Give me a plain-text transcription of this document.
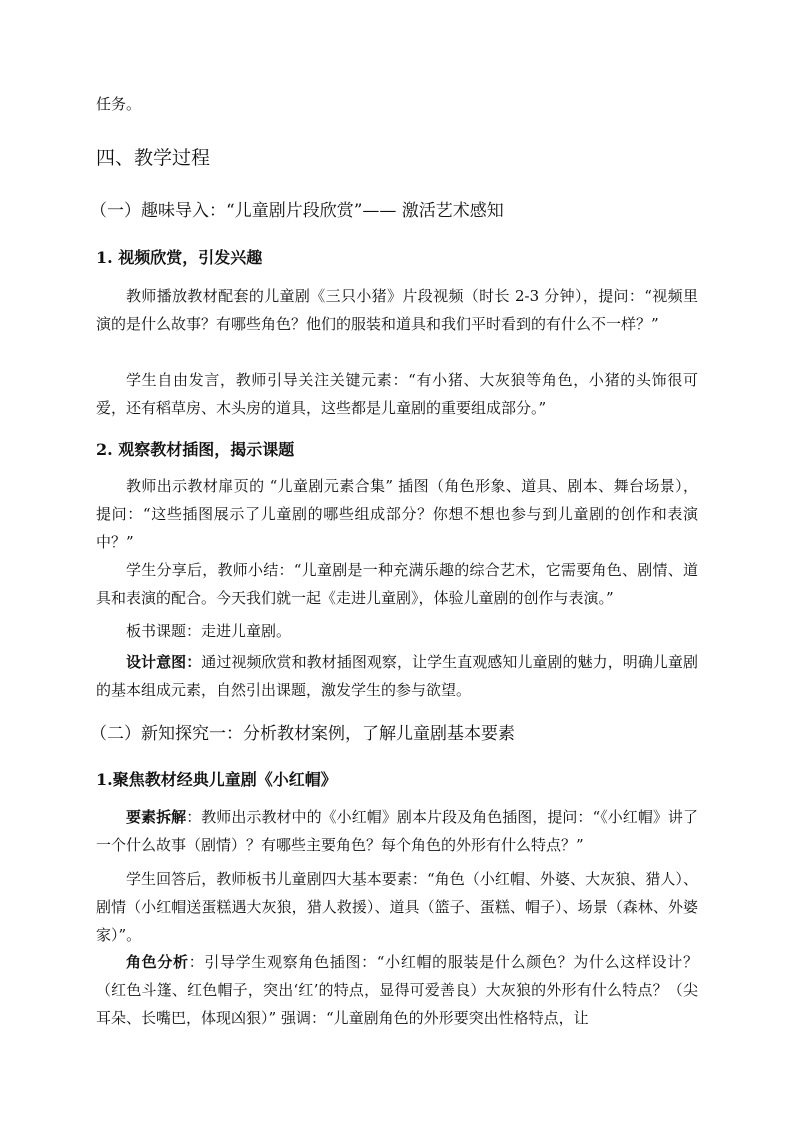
任务。
四、教学过程
（一）趣味导入：“儿童剧片段欣赏”—— 激活艺术感知
1. 视频欣赏，引发兴趣
教师播放教材配套的儿童剧《三只小猪》片段视频（时长 2-3 分钟），提问：“视频里演的是什么故事？有哪些角色？他们的服装和道具和我们平时看到的有什么不一样？”
学生自由发言，教师引导关注关键元素：“有小猪、大灰狼等角色，小猪的头饰很可爱，还有稻草房、木头房的道具，这些都是儿童剧的重要组成部分。”
2. 观察教材插图，揭示课题
教师出示教材扉页的 “儿童剧元素合集” 插图（角色形象、道具、剧本、舞台场景），提问：“这些插图展示了儿童剧的哪些组成部分？你想不想也参与到儿童剧的创作和表演中？”
学生分享后，教师小结：“儿童剧是一种充满乐趣的综合艺术，它需要角色、剧情、道具和表演的配合。今天我们就一起《走进儿童剧》，体验儿童剧的创作与表演。”
板书课题：走进儿童剧。
设计意图：通过视频欣赏和教材插图观察，让学生直观感知儿童剧的魅力，明确儿童剧的基本组成元素，自然引出课题，激发学生的参与欲望。
（二）新知探究一：分析教材案例，了解儿童剧基本要素
1.聚焦教材经典儿童剧《小红帽》
要素拆解：教师出示教材中的《小红帽》剧本片段及角色插图，提问：“《小红帽》讲了一个什么故事（剧情）？有哪些主要角色？每个角色的外形有什么特点？”
学生回答后，教师板书儿童剧四大基本要素：“角色（小红帽、外婆、大灰狼、猎人）、剧情（小红帽送蛋糕遇大灰狼，猎人救援）、道具（篮子、蛋糕、帽子）、场景（森林、外婆家）”。
角色分析：引导学生观察角色插图：“小红帽的服装是什么颜色？为什么这样设计？（红色斗篷、红色帽子，突出‘红’的特点，显得可爱善良）大灰狼的外形有什么特点？（尖耳朵、长嘴巴，体现凶狠）” 强调：“儿童剧角色的外形要突出性格特点，让
